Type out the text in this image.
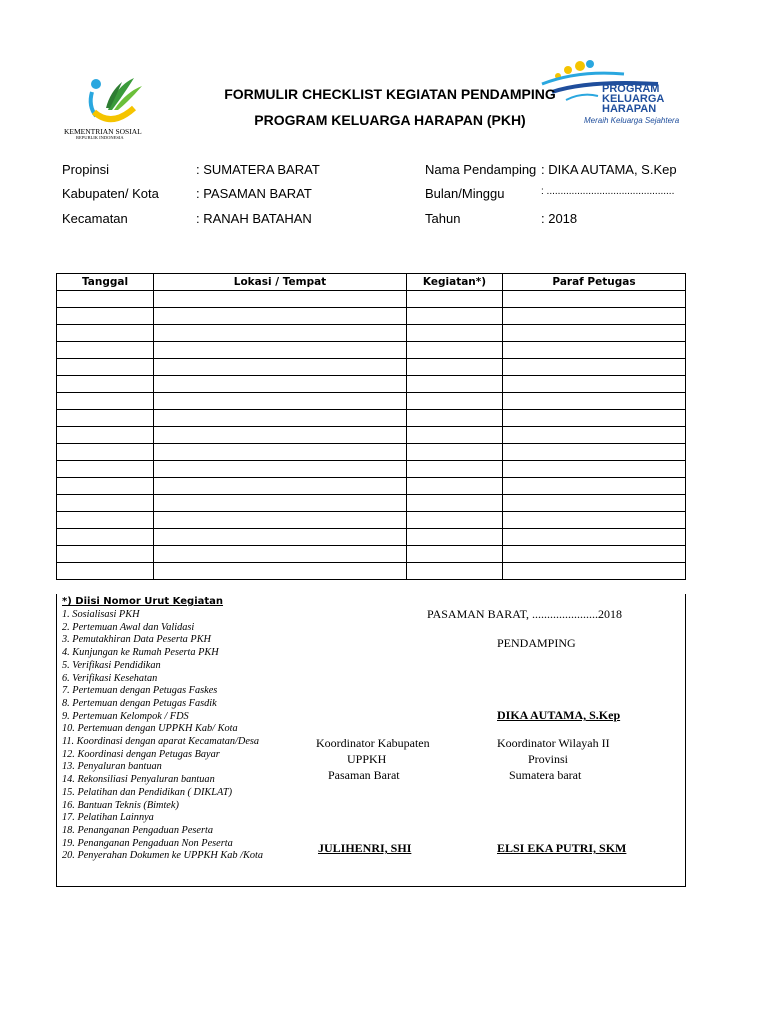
KEMENTRIAN SOSIAL
REPUBLIK INDONESIA
PROGRAM
KELUARGA
HARAPAN
Meraih Keluarga Sejahtera
FORMULIR CHECKLIST KEGIATAN PENDAMPING
PROGRAM KELUARGA HARAPAN (PKH)
Propinsi	: SUMATERA BARAT
Kabupaten/ Kota	: PASAMAN BARAT
Kecamatan	: RANAH BATAHAN
Nama Pendamping : DIKA AUTAMA, S.Kep
Bulan/Minggu	: ..............................................
Tahun	: 2018
Tanggal	Lokasi / Tempat	Kegiatan*)	Paraf Petugas

*) Diisi Nomor Urut Kegiatan
1. Sosialisasi PKH
2. Pertemuan Awal dan Validasi
3. Pemutakhiran Data Peserta PKH
4. Kunjungan ke Rumah Peserta PKH
5. Verifikasi Pendidikan
6. Verifikasi Kesehatan
7. Pertemuan dengan Petugas Faskes
8. Pertemuan dengan Petugas Fasdik
9. Pertemuan Kelompok / FDS
10. Pertemuan dengan UPPKH Kab/ Kota
11. Koordinasi dengan aparat Kecamatan/Desa
12. Koordinasi dengan Petugas Bayar
13. Penyaluran bantuan
14. Rekonsiliasi Penyaluran bantuan
15. Pelatihan dan Pendidikan ( DIKLAT)
16. Bantuan Teknis (Bimtek)
17. Pelatihan Lainnya
18. Penanganan Pengaduan Peserta
19. Penanganan Pengaduan Non Peserta
20. Penyerahan Dokumen ke UPPKH Kab /Kota
PASAMAN BARAT, ......................2018
PENDAMPING
DIKA AUTAMA, S.Kep
Koordinator Kabupaten
UPPKH
Pasaman Barat
JULIHENRI, SHI
Koordinator Wilayah II
Provinsi
Sumatera barat
ELSI EKA PUTRI, SKM
